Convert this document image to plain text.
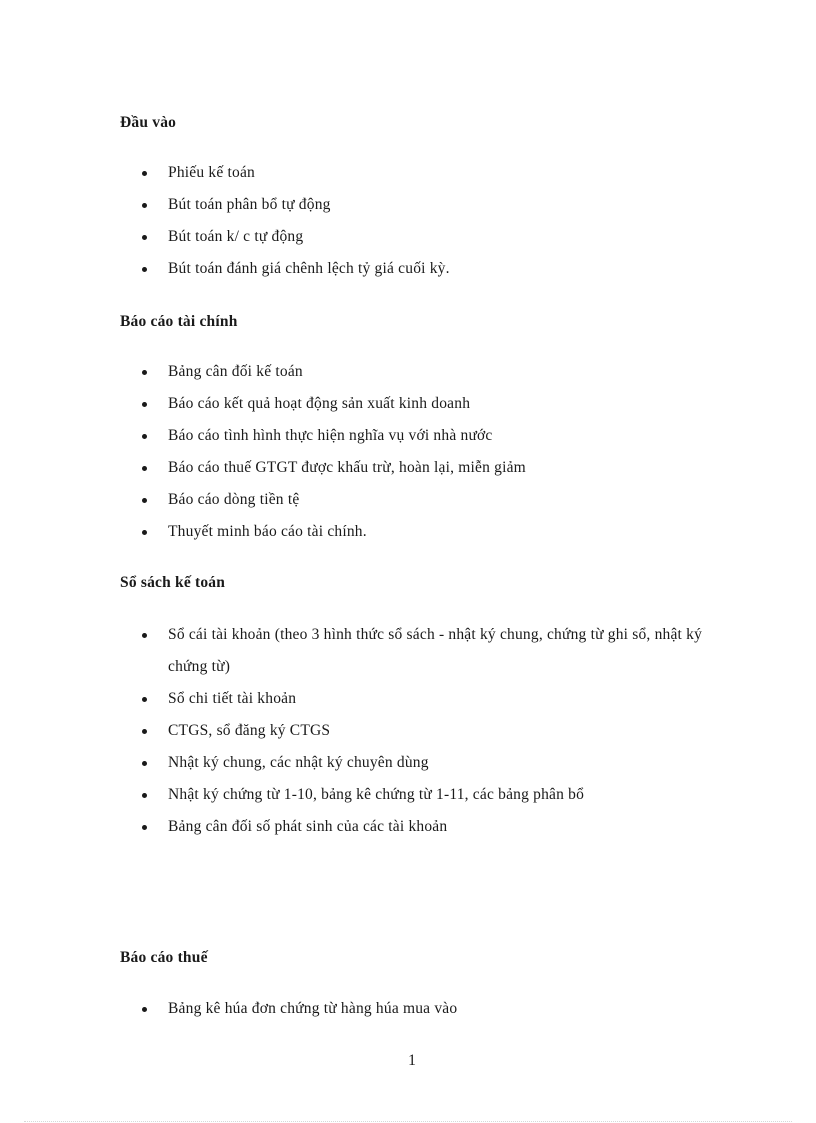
Đầu vào
Phiếu kế toán
Bút toán phân bổ tự động
Bút toán k/ c tự động
Bút toán đánh giá chênh lệch tỷ giá cuối kỳ.
Báo cáo tài chính
Bảng cân đối kế toán
Báo cáo kết quả hoạt động sản xuất kinh doanh
Báo cáo tình hình thực hiện nghĩa vụ với nhà nước
Báo cáo thuế GTGT được khấu trừ, hoàn lại, miễn giảm
Báo cáo dòng tiền tệ
Thuyết minh báo cáo tài chính.
Sổ sách kế toán
Sổ cái tài khoản (theo 3 hình thức sổ sách - nhật ký chung, chứng từ ghi sổ, nhật ký chứng từ)
Sổ chi tiết tài khoản
CTGS, sổ đăng ký CTGS
Nhật ký chung, các nhật ký chuyên dùng
Nhật ký chứng từ 1-10, bảng kê chứng từ 1-11, các bảng phân bổ
Bảng cân đối số phát sinh của các tài khoản
Báo cáo thuế
Bảng kê húa đơn chứng từ hàng húa mua vào
1
